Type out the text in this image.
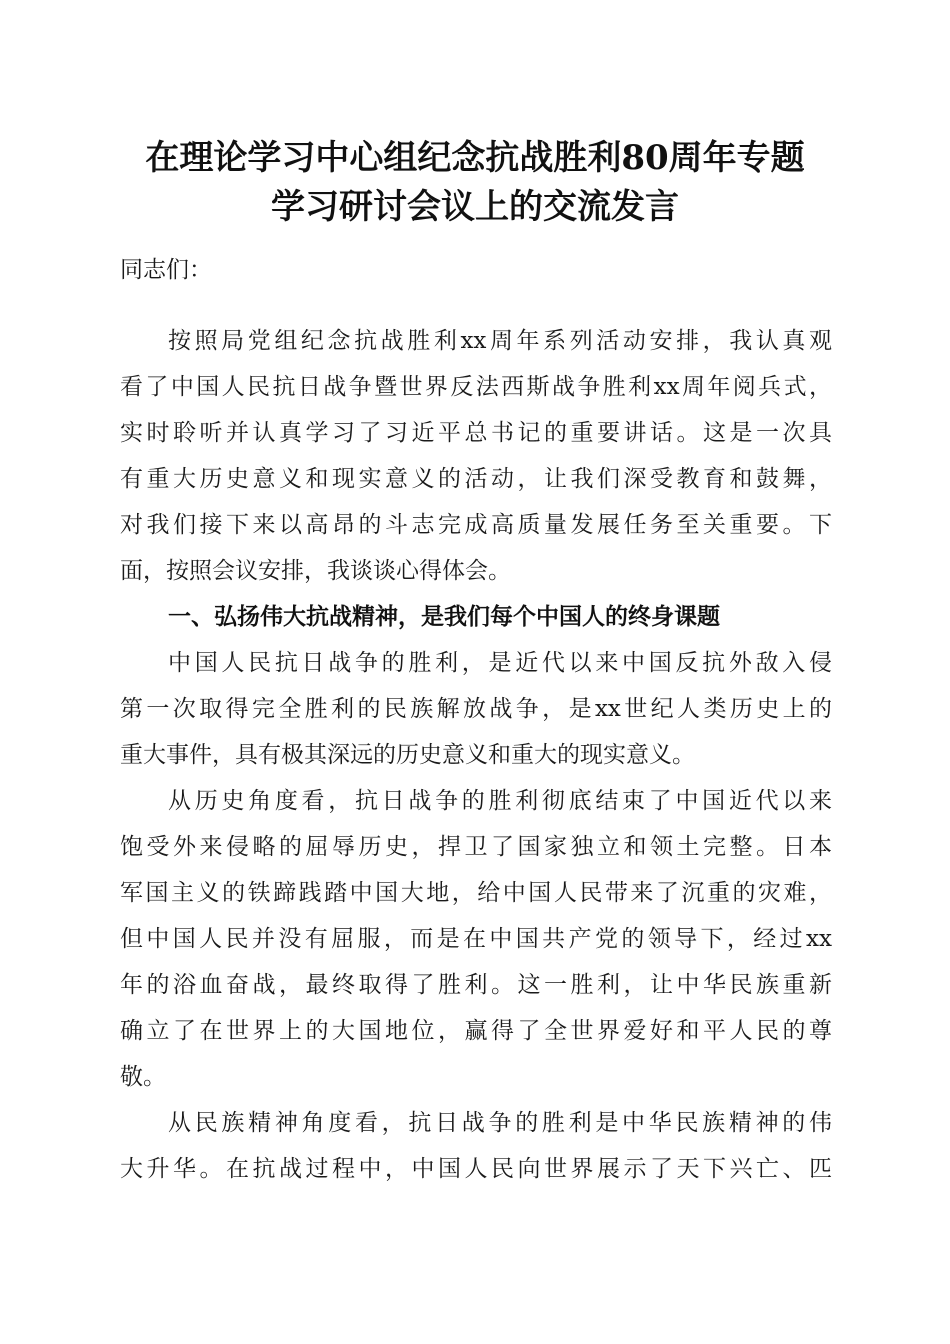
在理论学习中心组纪念抗战胜利80周年专题
学习研讨会议上的交流发言
同志们：
按照局党组纪念抗战胜利xx周年系列活动安排，我认真观
看了中国人民抗日战争暨世界反法西斯战争胜利xx周年阅兵式，
实时聆听并认真学习了习近平总书记的重要讲话。这是一次具
有重大历史意义和现实意义的活动，让我们深受教育和鼓舞，
对我们接下来以高昂的斗志完成高质量发展任务至关重要。下
面，按照会议安排，我谈谈心得体会。
一、弘扬伟大抗战精神，是我们每个中国人的终身课题
中国人民抗日战争的胜利，是近代以来中国反抗外敌入侵
第一次取得完全胜利的民族解放战争，是xx世纪人类历史上的
重大事件，具有极其深远的历史意义和重大的现实意义。
从历史角度看，抗日战争的胜利彻底结束了中国近代以来
饱受外来侵略的屈辱历史，捍卫了国家独立和领土完整。日本
军国主义的铁蹄践踏中国大地，给中国人民带来了沉重的灾难，
但中国人民并没有屈服，而是在中国共产党的领导下，经过xx
年的浴血奋战，最终取得了胜利。这一胜利，让中华民族重新
确立了在世界上的大国地位，赢得了全世界爱好和平人民的尊
敬。
从民族精神角度看，抗日战争的胜利是中华民族精神的伟
大升华。在抗战过程中，中国人民向世界展示了天下兴亡、匹
